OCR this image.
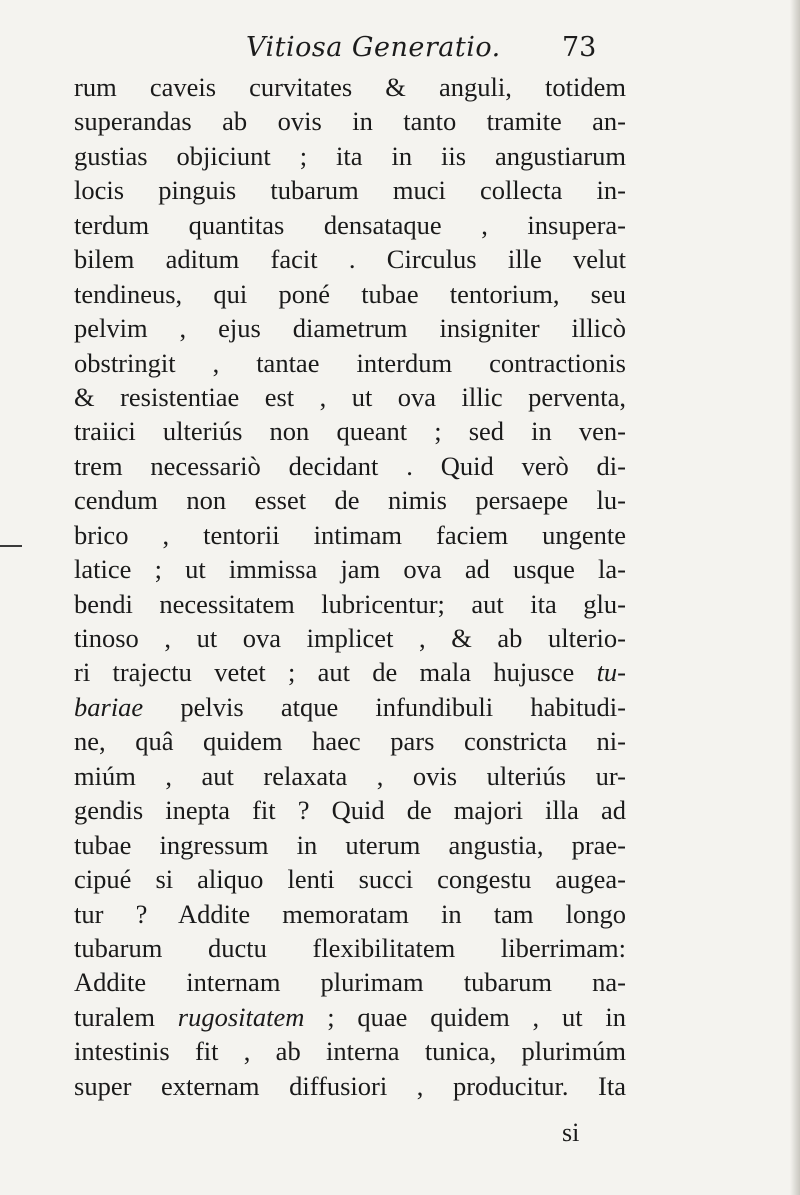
Vitiosa Generatio. 73
rum caveis curvitates & anguli, totidem
superandas ab ovis in tanto tramite an-
gustias objiciunt ; ita in iis angustiarum
locis pinguis tubarum muci collecta in-
terdum quantitas densataque , insupera-
bilem aditum facit . Circulus ille velut
tendineus, qui poné tubae tentorium, seu
pelvim , ejus diametrum insigniter illicò
obstringit , tantae interdum contractionis
& resistentiae est , ut ova illic perventa,
traiici ulteriús non queant ; sed in ven-
trem necessariò decidant . Quid verò di-
cendum non esset de nimis persaepe lu-
brico , tentorii intimam faciem ungente
latice ; ut immissa jam ova ad usque la-
bendi necessitatem lubricentur; aut ita glu-
tinoso , ut ova implicet , & ab ulterio-
ri trajectu vetet ; aut de mala hujusce tu-
bariae pelvis atque infundibuli habitudi-
ne, quâ quidem haec pars constricta ni-
miúm , aut relaxata , ovis ulteriús ur-
gendis inepta fit ? Quid de majori illa ad
tubae ingressum in uterum angustia, prae-
cipué si aliquo lenti succi congestu augea-
tur ? Addite memoratam in tam longo
tubarum ductu flexibilitatem liberrimam:
Addite internam plurimam tubarum na-
turalem rugositatem ; quae quidem , ut in
intestinis fit , ab interna tunica, plurimúm
super externam diffusiori , producitur. Ita
si
